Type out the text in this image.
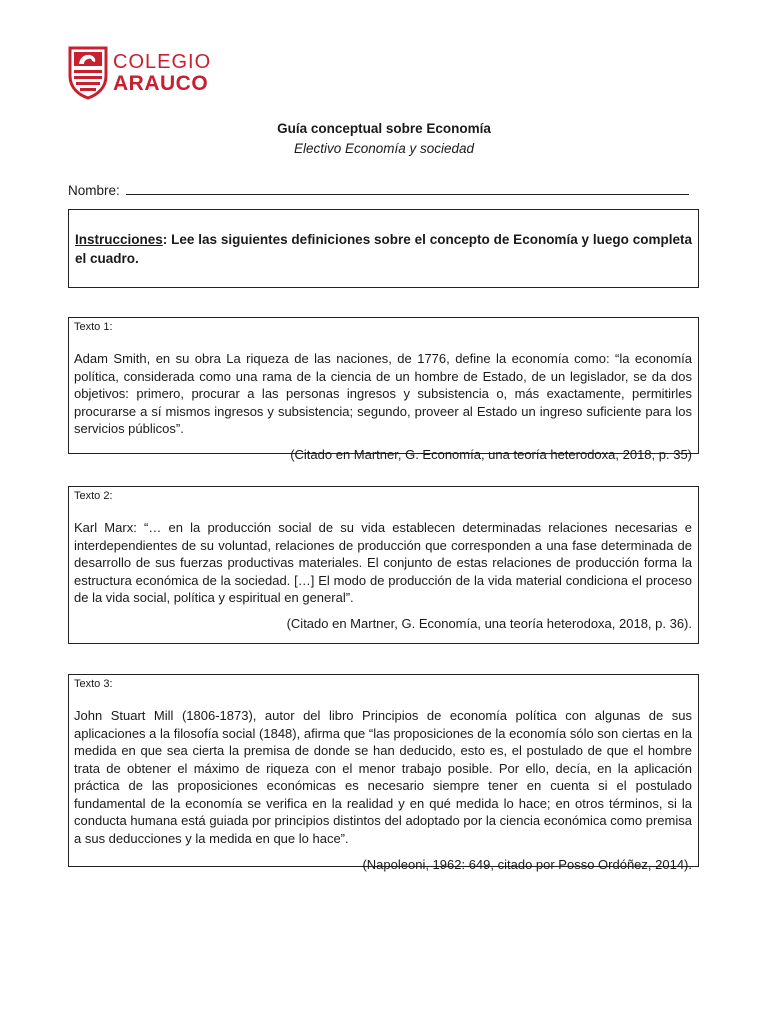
COLEGIO
ARAUCO
Guía conceptual sobre Economía
Electivo Economía y sociedad
Nombre:
Instrucciones: Lee las siguientes definiciones sobre el concepto de Economía y luego completa el cuadro.
Texto 1:
Adam Smith, en su obra La riqueza de las naciones, de 1776, define la economía como: “la economía política, considerada como una rama de la ciencia de un hombre de Estado, de un legislador, se da dos objetivos: primero, procurar a las personas ingresos y subsistencia o, más exactamente, permitirles procurarse a sí mismos ingresos y subsistencia; segundo, proveer al Estado un ingreso suficiente para los servicios públicos”.
(Citado en Martner, G. Economía, una teoría heterodoxa, 2018, p. 35)
Texto 2:
Karl Marx: “… en la producción social de su vida establecen determinadas relaciones necesarias e interdependientes de su voluntad, relaciones de producción que corresponden a una fase determinada de desarrollo de sus fuerzas productivas materiales. El conjunto de estas relaciones de producción forma la estructura económica de la sociedad. […] El modo de producción de la vida material condiciona el proceso de la vida social, política y espiritual en general”.
(Citado en Martner, G. Economía, una teoría heterodoxa, 2018, p. 36).
Texto 3:
John Stuart Mill (1806-1873), autor del libro Principios de economía política con algunas de sus aplicaciones a la filosofía social (1848), afirma que “las proposiciones de la economía sólo son ciertas en la medida en que sea cierta la premisa de donde se han deducido, esto es, el postulado de que el hombre trata de obtener el máximo de riqueza con el menor trabajo posible. Por ello, decía, en la aplicación práctica de las proposiciones económicas es necesario siempre tener en cuenta si el postulado fundamental de la economía se verifica en la realidad y en qué medida lo hace; en otros términos, si la conducta humana está guiada por principios distintos del adoptado por la ciencia económica como premisa a sus deducciones y la medida en que lo hace”.
(Napoleoni, 1962: 649, citado por Posso Ordóñez, 2014).
